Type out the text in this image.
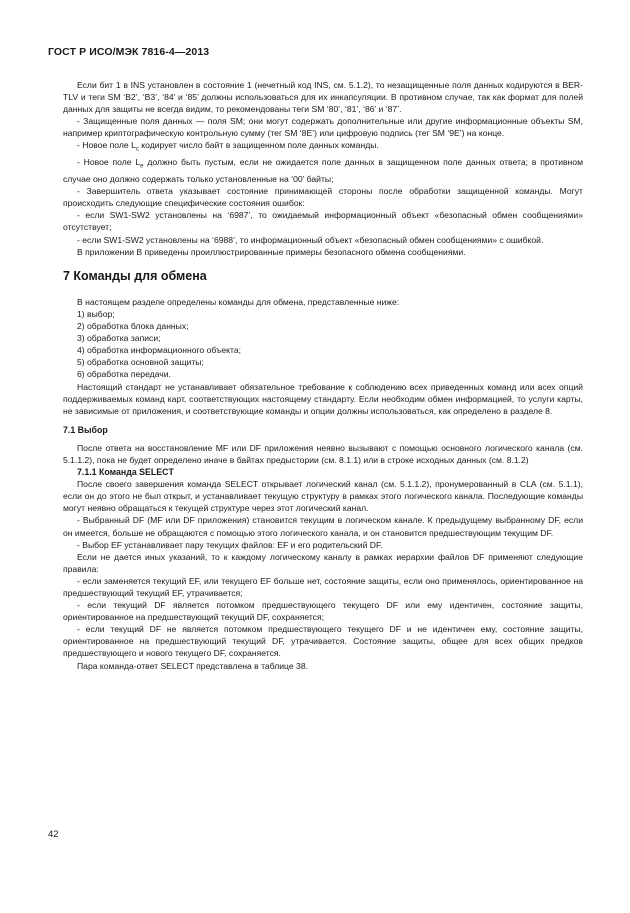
ГОСТ Р ИСО/МЭК 7816-4—2013

Если бит 1 в INS установлен в состояние 1 (нечетный код INS, см. 5.1.2), то незащищенные поля данных кодируются в BER-TLV и теги SM ‘B2’, ‘B3’, ‘84’ и ‘85’ должны использоваться для их инкапсуляции. В противном случае, так как формат для полей данных для защиты не всегда видим, то рекомендованы теги SM ‘80’, ‘81’, ‘86’ и ‘87’.

- Защищенные поля данных — поля SM; они могут содержать дополнительные или другие информационные объекты SM, например криптографическую контрольную сумму (тег SM ‘8E’) или цифровую подпись (тег SM ‘9E’) на конце.

- Новое поле $L_c$ кодирует число байт в защищенном поле данных команды.

- Новое поле $L_e$ должно быть пустым, если не ожидается поле данных в защищенном поле данных ответа; в противном случае оно должно содержать только установленные на ‘00’ байты;

- Завершитель ответа указывает состояние принимающей стороны после обработки защищенной команды. Могут происходить следующие специфические состояния ошибок:

- если SW1-SW2 установлены на ‘6987’, то ожидаемый информационный объект «безопасный обмен сообщениями» отсутствует;

- если SW1-SW2 установлены на ‘6988’, то информационный объект «безопасный обмен сообщениями» с ошибкой.

В приложении В приведены проиллюстрированные примеры безопасного обмена сообщениями.

7 Команды для обмена

В настоящем разделе определены команды для обмена, представленные ниже:

1) выбор;

2) обработка блока данных;

3) обработка записи;

4) обработка информационного объекта;

5) обработка основной защиты;

6) обработка передачи.

Настоящий стандарт не устанавливает обязательное требование к соблюдению всех приведенных команд или всех опций поддерживаемых команд карт, соответствующих настоящему стандарту. Если необходим обмен информацией, то услуги карты, не зависимые от приложения, и соответствующие команды и опции должны использоваться, как определено в разделе 8.

7.1 Выбор

После ответа на восстановление MF или DF приложения неявно вызывают с помощью основного логического канала (см. 5.1.1.2), пока не будет определено иначе в байтах предыстории (см. 8.1.1) или в строке исходных данных (см. 8.1.2)

7.1.1 Команда SELECT

После своего завершения команда SELECT открывает логический канал (см. 5.1.1.2), пронумерованный в CLA (см. 5.1.1), если он до этого не был открыт, и устанавливает текущую структуру в рамках этого логического канала. Последующие команды могут неявно обращаться к текущей структуре через этот логический канал.

- Выбранный DF (MF или DF приложения) становится текущим в логическом канале. К предыдущему выбранному DF, если он имеется, больше не обращаются с помощью этого логического канала, и он становится предшествующим текущим DF.

- Выбор EF устанавливает пару текущих файлов: EF и его родительский DF.

Если не дается иных указаний, то к каждому логическому каналу в рамках иерархии файлов DF применяют следующие правила:

- если заменяется текущий EF, или текущего EF больше нет, состояние защиты, если оно применялось, ориентированное на предшествующий текущий EF, утрачивается;

- если текущий DF является потомком предшествующего текущего DF или ему идентичен, состояние защиты, ориентированное на предшествующий текущий DF, сохраняется;

- если текущий DF не является потомком предшествующего текущего DF и не идентичен ему, состояние защиты, ориентированное на предшествующий текущий DF, утрачивается. Состояние защиты, общее для всех общих предков предшествующего и нового текущего DF, сохраняется.

Пара команда-ответ SELECT представлена в таблице 38.

42
